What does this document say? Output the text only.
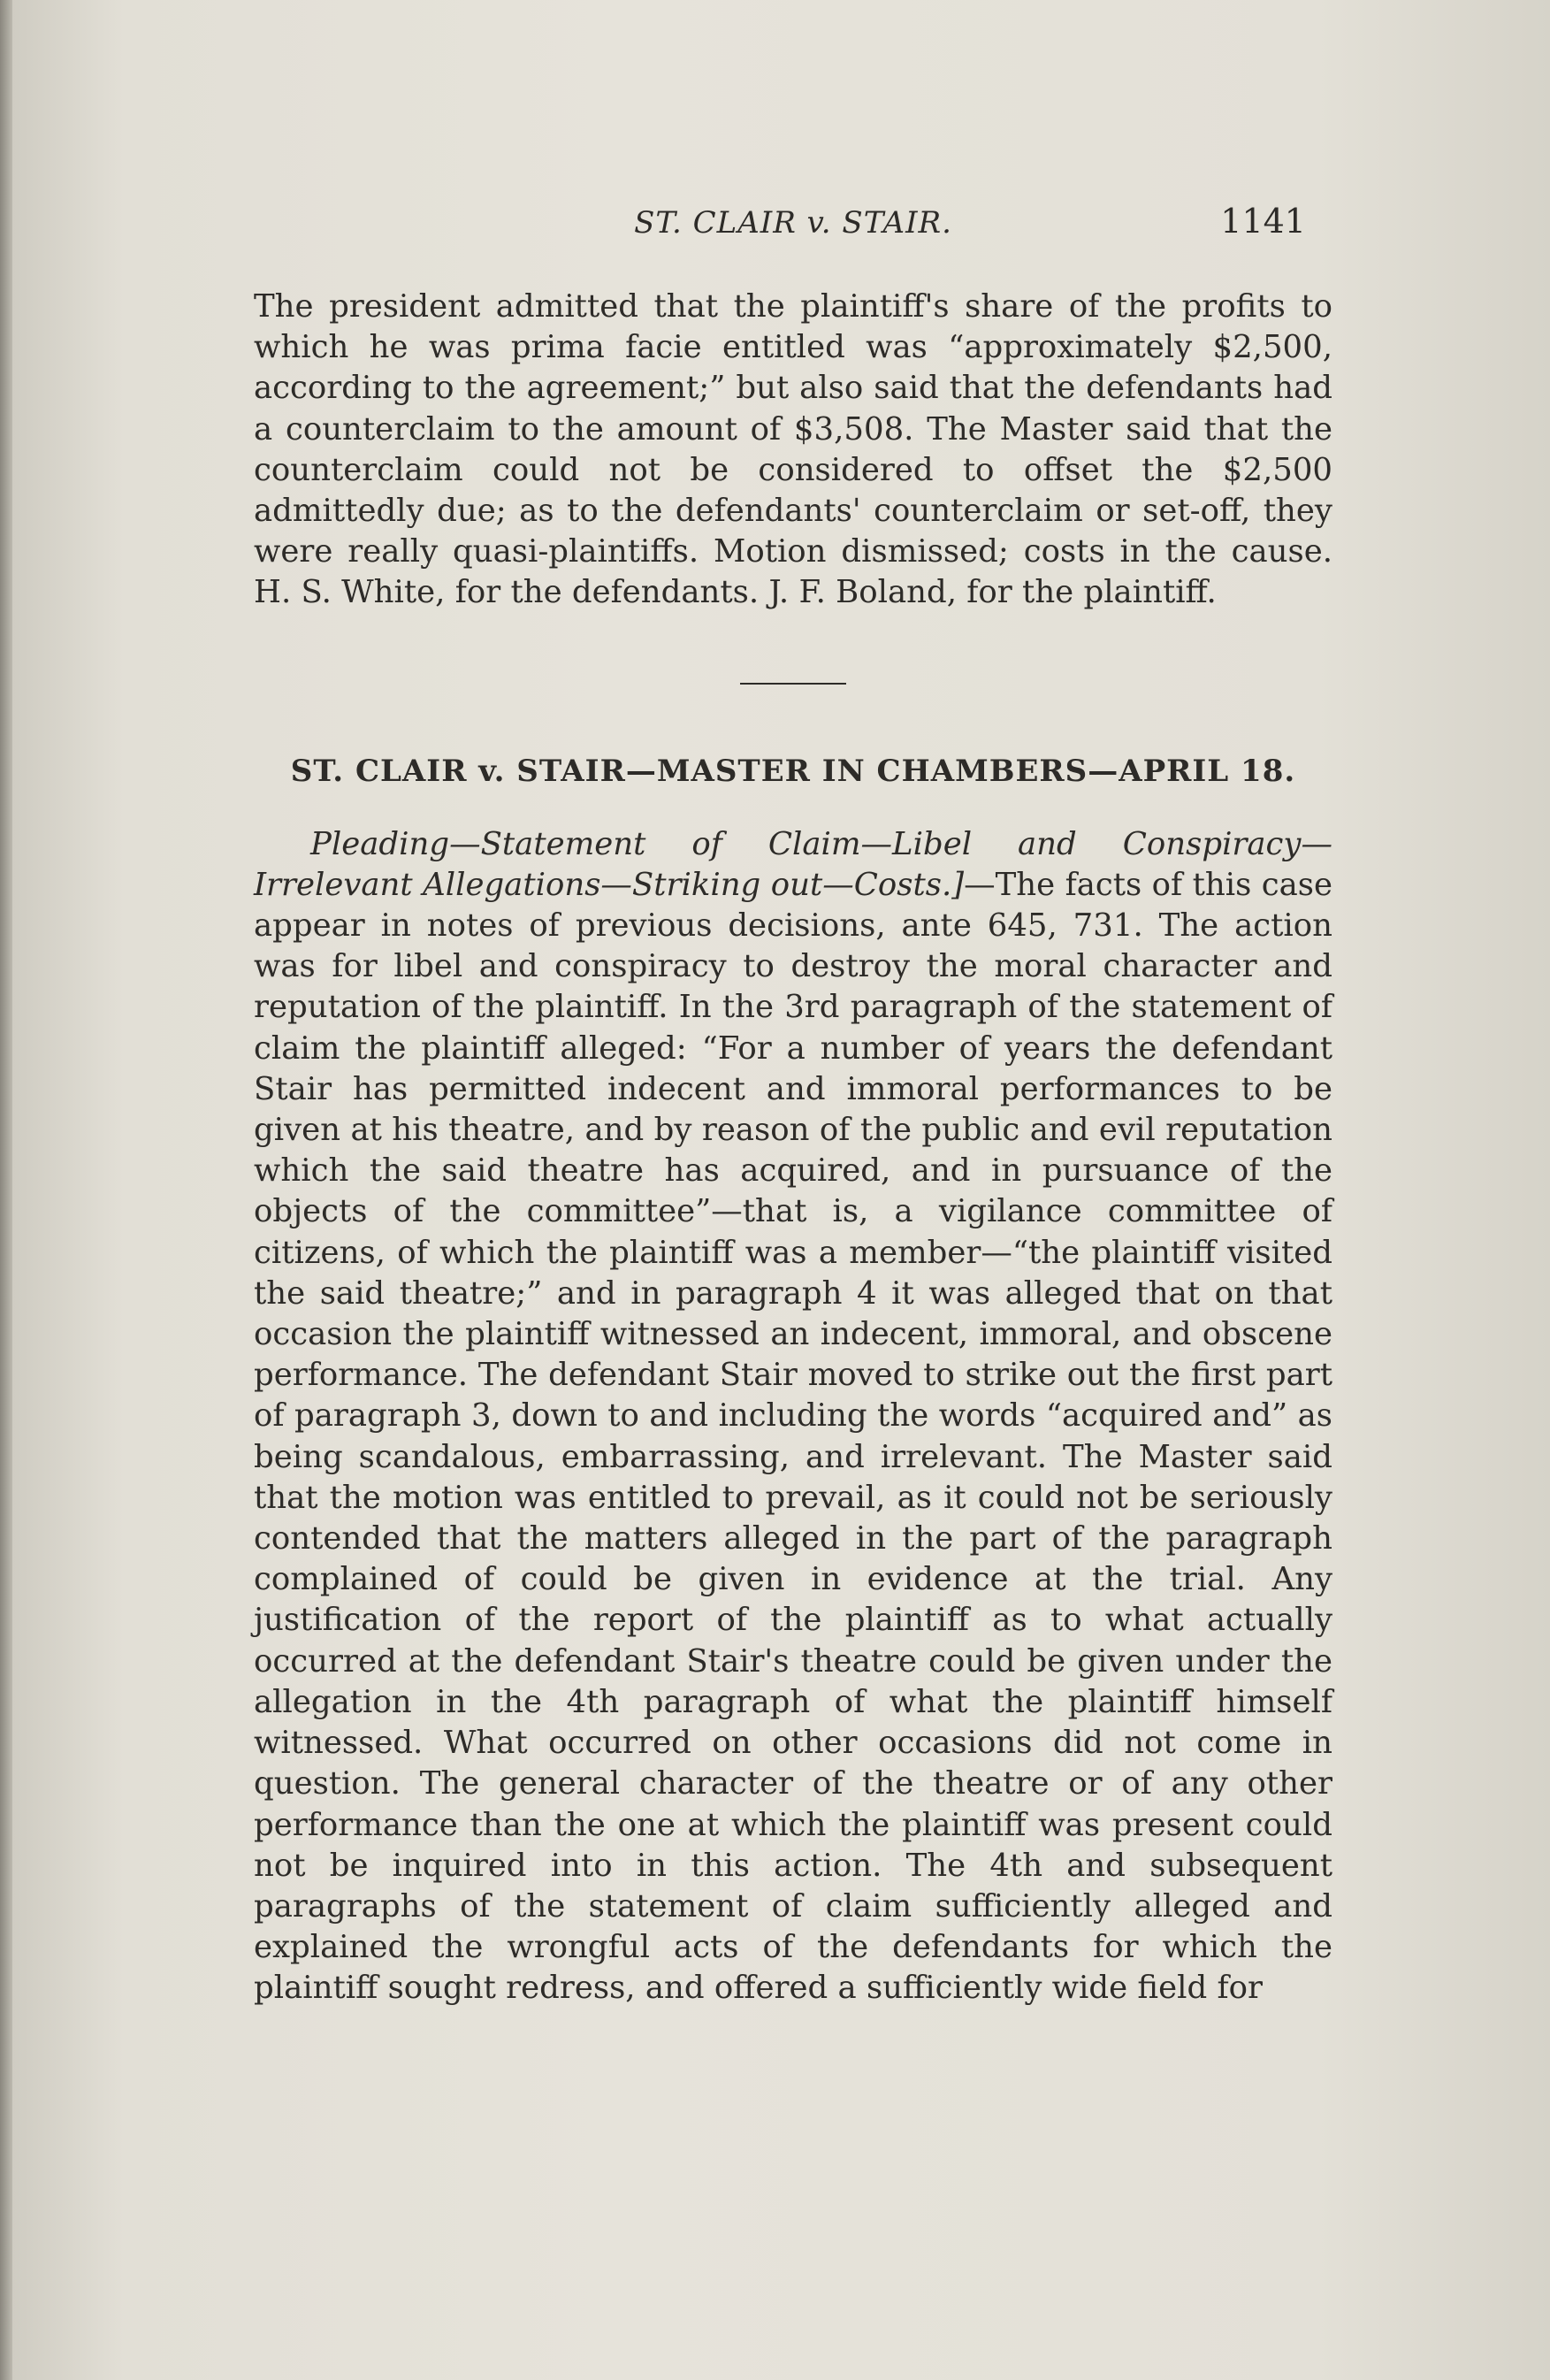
ST. CLAIR v. STAIR.	1141

The president admitted that the plaintiff's share of the profits to which he was prima facie entitled was “approximately $2,500, according to the agreement;” but also said that the defendants had a counterclaim to the amount of $3,508. The Master said that the counterclaim could not be considered to offset the $2,500 admittedly due; as to the defendants' counterclaim or set-off, they were really quasi-plaintiffs. Motion dismissed; costs in the cause. H. S. White, for the defendants. J. F. Boland, for the plaintiff.

ST. CLAIR v. STAIR—MASTER IN CHAMBERS—APRIL 18.

Pleading—Statement of Claim—Libel and Conspiracy—Irrelevant Allegations—Striking out—Costs.]—The facts of this case appear in notes of previous decisions, ante 645, 731. The action was for libel and conspiracy to destroy the moral character and reputation of the plaintiff. In the 3rd paragraph of the statement of claim the plaintiff alleged: “For a number of years the defendant Stair has permitted indecent and immoral performances to be given at his theatre, and by reason of the public and evil reputation which the said theatre has acquired, and in pursuance of the objects of the committee”—that is, a vigilance committee of citizens, of which the plaintiff was a member—“the plaintiff visited the said theatre;” and in paragraph 4 it was alleged that on that occasion the plaintiff witnessed an indecent, immoral, and obscene performance. The defendant Stair moved to strike out the first part of paragraph 3, down to and including the words “acquired and” as being scandalous, embarrassing, and irrelevant. The Master said that the motion was entitled to prevail, as it could not be seriously contended that the matters alleged in the part of the paragraph complained of could be given in evidence at the trial. Any justification of the report of the plaintiff as to what actually occurred at the defendant Stair's theatre could be given under the allegation in the 4th paragraph of what the plaintiff himself witnessed. What occurred on other occasions did not come in question. The general character of the theatre or of any other performance than the one at which the plaintiff was present could not be inquired into in this action. The 4th and subsequent paragraphs of the statement of claim sufficiently alleged and explained the wrongful acts of the defendants for which the plaintiff sought redress, and offered a sufficiently wide field for
